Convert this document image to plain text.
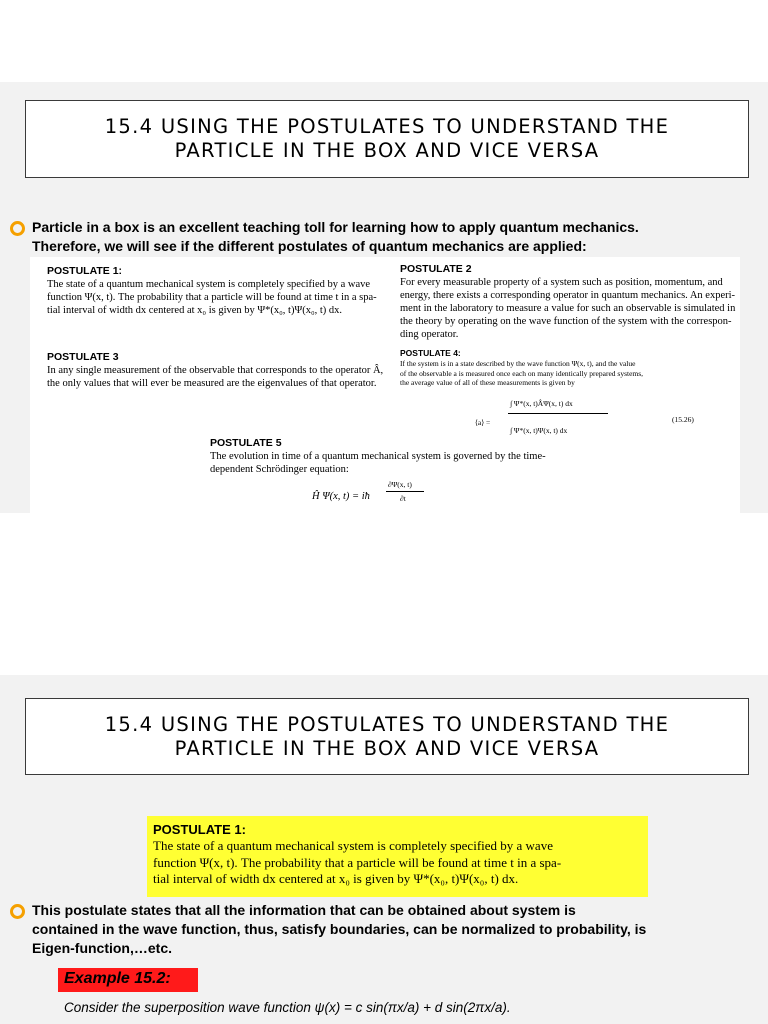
15.4 USING THE POSTULATES TO UNDERSTAND THE
PARTICLE IN THE BOX AND VICE VERSA
Particle in a box is an excellent teaching toll for learning how to apply quantum mechanics.
Therefore, we will see if the different postulates of quantum mechanics are applied:
POSTULATE 1:
The state of a quantum mechanical system is completely specified by a wave
function Ψ(x, t). The probability that a particle will be found at time t in a spa-
tial interval of width dx centered at x₀ is given by Ψ*(x₀, t)Ψ(x₀, t) dx.
POSTULATE 2
For every measurable property of a system such as position, momentum, and
energy, there exists a corresponding operator in quantum mechanics. An experi-
ment in the laboratory to measure a value for such an observable is simulated in
the theory by operating on the wave function of the system with the correspon-
ding operator.
POSTULATE 3
In any single measurement of the observable that corresponds to the operator Â,
the only values that will ever be measured are the eigenvalues of that operator.
POSTULATE 4:
If the system is in a state described by the wave function Ψ(x, t), and the value
of the observable a is measured once each on many identically prepared systems,
the average value of all of these measurements is given by
⟨a⟩ =
∫ Ψ*(x, t)ÂΨ(x, t) dx
∫ Ψ*(x, t)Ψ(x, t) dx
(15.26)
POSTULATE 5
The evolution in time of a quantum mechanical system is governed by the time-
dependent Schrödinger equation:
Ĥ Ψ(x, t) = iħ
∂Ψ(x, t)
∂t
15.4 USING THE POSTULATES TO UNDERSTAND THE
PARTICLE IN THE BOX AND VICE VERSA
POSTULATE 1:
The state of a quantum mechanical system is completely specified by a wave
function Ψ(x, t). The probability that a particle will be found at time t in a spa-
tial interval of width dx centered at x₀ is given by Ψ*(x₀, t)Ψ(x₀, t) dx.
This postulate states that all the information that can be obtained about system is
contained in the wave function, thus, satisfy boundaries, can be normalized to probability, is
Eigen-function,…etc.
Example 15.2:
Consider the superposition wave function ψ(x) = c sin(πx/a) + d sin(2πx/a).
